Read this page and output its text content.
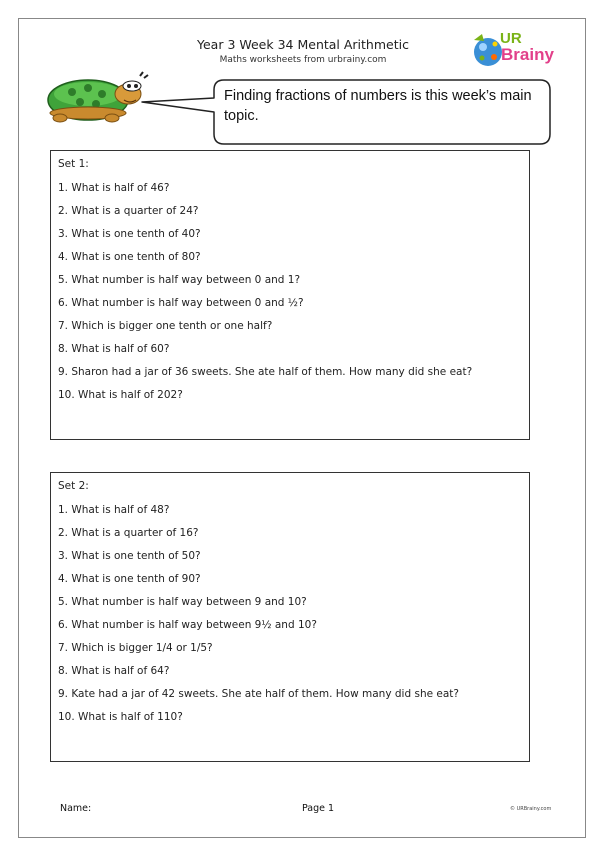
Year 3 Week 34 Mental Arithmetic
Maths worksheets from urbrainy.com
UR
Brainy
Finding fractions of numbers is this week’s main topic.
Set 1:
1. What is half of 46?
2. What is a quarter of 24?
3. What is one tenth of 40?
4. What is one tenth of 80?
5. What number is half way between 0 and 1?
6. What number is half way between 0 and ½?
7. Which is bigger one tenth or one half?
8. What is half of 60?
9. Sharon had a jar of 36 sweets. She ate half of them. How many did she eat?
10. What is half of 202?
Set 2:
1. What is half of 48?
2. What is a quarter of 16?
3. What is one tenth of 50?
4. What is one tenth of 90?
5. What number is half way between 9 and 10?
6. What number is half way between 9½ and 10?
7. Which is bigger 1/4 or 1/5?
8. What is half of 64?
9. Kate had a jar of 42 sweets. She ate half of them. How many did she eat?
10. What is half of 110?
Name:	Page 1	© URBrainy.com
